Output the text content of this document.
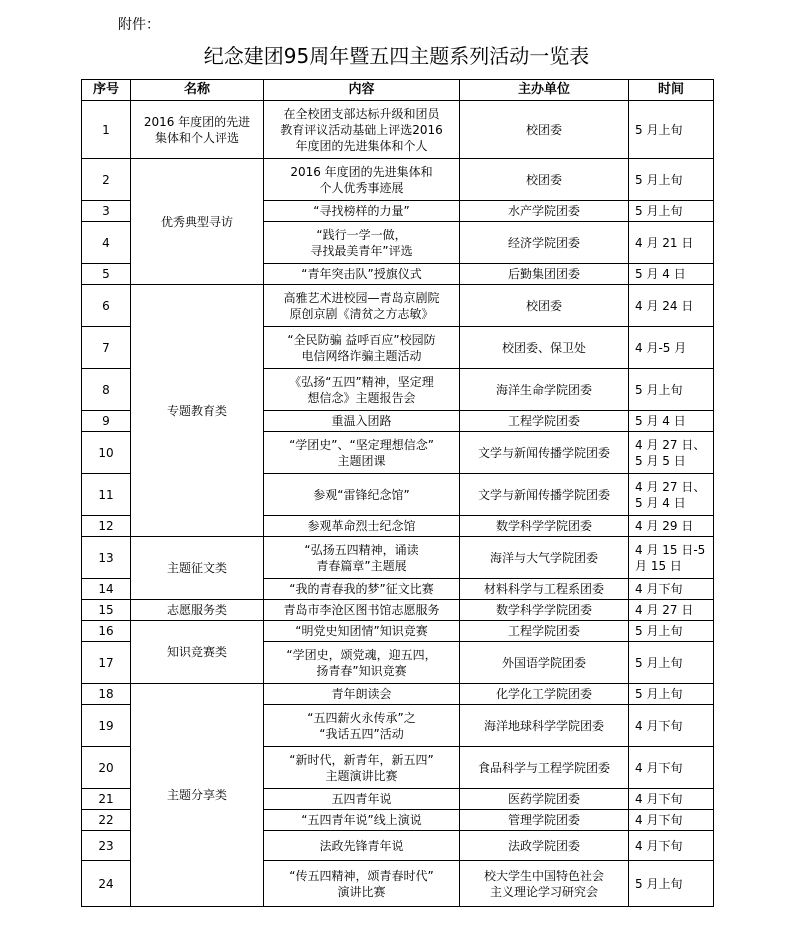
附件：
纪念建团95周年暨五四主题系列活动一览表
序号	名称	内容	主办单位	时间
1	2016 年度团的先进
集体和个人评选	在全校团支部达标升级和团员
教育评议活动基础上评选2016
年度团的先进集体和个人	校团委	5 月上旬
2	优秀典型寻访	2016 年度团的先进集体和
个人优秀事迹展	校团委	5 月上旬
3		“寻找榜样的力量”	水产学院团委	5 月上旬
4		“践行一学一做，
寻找最美青年”评选	经济学院团委	4 月 21 日
5		“青年突击队”授旗仪式	后勤集团团委	5 月 4 日
6	专题教育类	高雅艺术进校园—青岛京剧院
原创京剧《清贫之方志敏》	校团委	4 月 24 日
7		“全民防骗 益呼百应”校园防
电信网络诈骗主题活动	校团委、保卫处	4 月-5 月
8		《弘扬“五四”精神，坚定理
想信念》主题报告会	海洋生命学院团委	5 月上旬
9		重温入团路	工程学院团委	5 月 4 日
10		“学团史”、“坚定理想信念”
主题团课	文学与新闻传播学院团委	4 月 27 日、
5 月 5 日
11		参观“雷锋纪念馆”	文学与新闻传播学院团委	4 月 27 日、
5 月 4 日
12		参观革命烈士纪念馆	数学科学学院团委	4 月 29 日
13	主题征文类	“弘扬五四精神，诵读
青春篇章”主题展	海洋与大气学院团委	4 月 15 日-5
月 15 日
14		“我的青春我的梦”征文比赛	材料科学与工程系团委	4 月下旬
15	志愿服务类	青岛市李沧区图书馆志愿服务	数学科学学院团委	4 月 27 日
16	知识竞赛类	“明党史知团情”知识竞赛	工程学院团委	5 月上旬
17		“学团史，颂党魂，迎五四，
扬青春”知识竞赛	外国语学院团委	5 月上旬
18	主题分享类	青年朗读会	化学化工学院团委	5 月上旬
19		“五四薪火永传承”之
“我话五四”活动	海洋地球科学学院团委	4 月下旬
20		“新时代，新青年，新五四”
主题演讲比赛	食品科学与工程学院团委	4 月下旬
21		五四青年说	医药学院团委	4 月下旬
22		“五四青年说”线上演说	管理学院团委	4 月下旬
23		法政先锋青年说	法政学院团委	4 月下旬
24		“传五四精神，颂青春时代”
演讲比赛	校大学生中国特色社会
主义理论学习研究会	5 月上旬
